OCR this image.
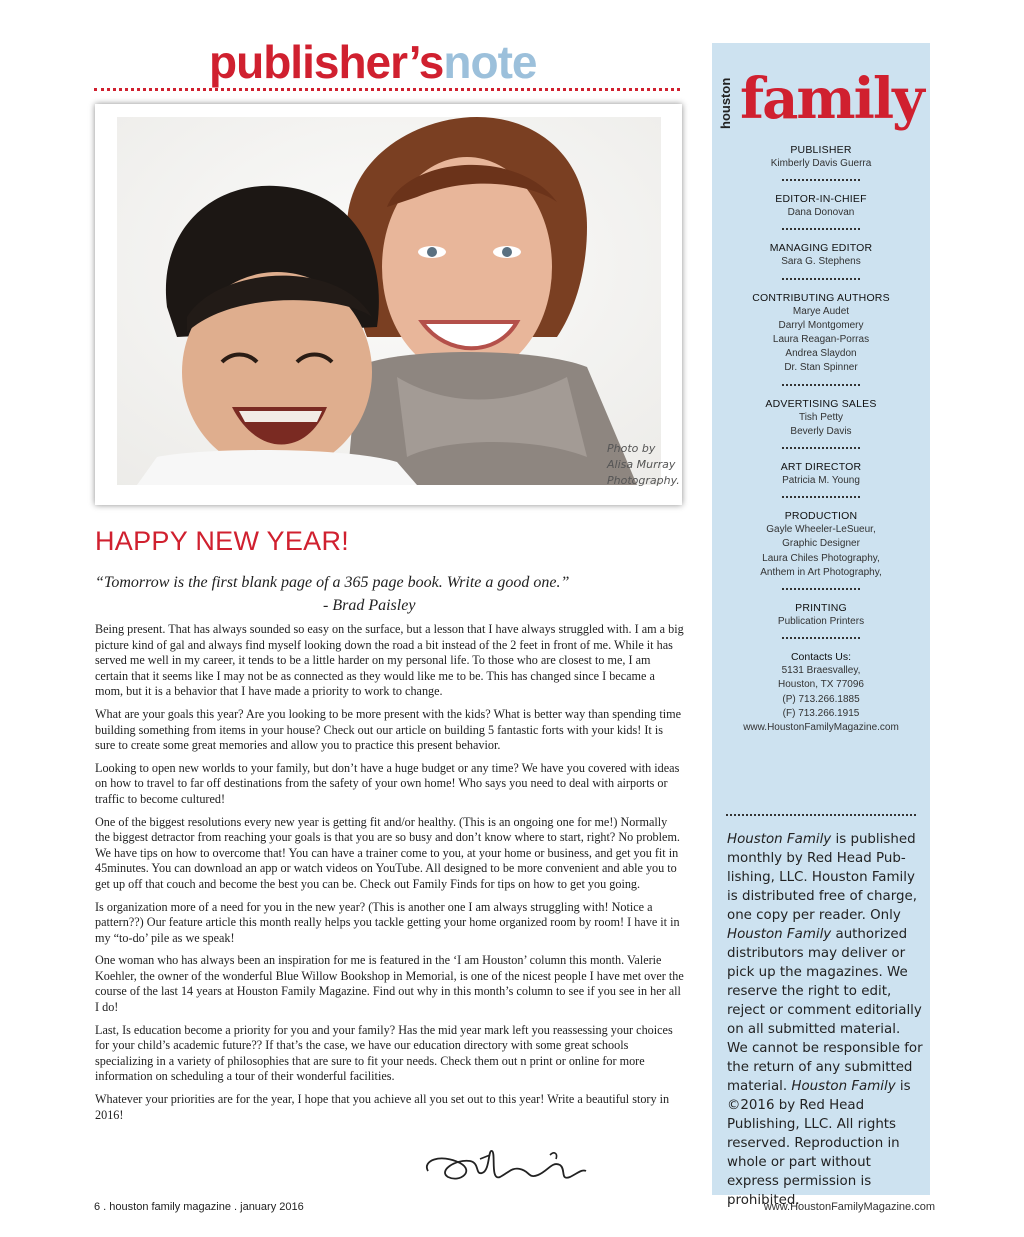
publisher’snote
Photo by
Alisa Murray
Photography.
HAPPY NEW YEAR!
“Tomorrow is the first blank page of a 365 page book. Write a good one.”
- Brad Paisley

Being present. That has always sounded so easy on the surface, but a lesson that I have always struggled with. I am a big picture kind of gal and always find myself looking down the road a bit instead of the 2 feet in front of me. While it has served me well in my career, it tends to be a little harder on my personal life. To those who are closest to me, I am certain that it seems like I may not be as connected as they would like me to be. This has changed since I became a mom, but it is a behavior that I have made a priority to work to change.

What are your goals this year? Are you looking to be more present with the kids? What is better way than spending time building something from items in your house? Check out our article on building 5 fantastic forts with your kids! It is sure to create some great memories and allow you to practice this present behavior.

Looking to open new worlds to your family, but don’t have a huge budget or any time? We have you covered with ideas on how to travel to far off destinations from the safety of your own home! Who says you need to deal with airports or traffic to become cultured!

One of the biggest resolutions every new year is getting fit and/or healthy. (This is an ongoing one for me!) Normally the biggest detractor from reaching your goals is that you are so busy and don’t know where to start, right? No problem. We have tips on how to overcome that! You can have a trainer come to you, at your home or business, and get you fit in 45minutes. You can download an app or watch videos on YouTube. All designed to be more convenient and able you to get up off that couch and become the best you can be. Check out Family Finds for tips on how to get you going.

Is organization more of a need for you in the new year? (This is another one I am always struggling with! Notice a pattern??) Our feature article this month really helps you tackle getting your home organized room by room! I have it in my “to-do’ pile as we speak!

One woman who has always been an inspiration for me is featured in the ‘I am Houston’ column this month. Valerie Koehler, the owner of the wonderful Blue Willow Bookshop in Memorial, is one of the nicest people I have met over the course of the last 14 years at Houston Family Magazine. Find out why in this month’s column to see if you see in her all I do!

Last, Is education become a priority for you and your family? Has the mid year mark left you reassessing your choices for your child’s academic future?? If that’s the case, we have our education directory with some great schools specializing in a variety of philosophies that are sure to fit your needs. Check them out n print or online for more information on scheduling a tour of their wonderful facilities.

Whatever your priorities are for the year, I hope that you achieve all you set out to this year! Write a beautiful story in 2016!

6 . houston family magazine . january 2016	www.HoustonFamilyMagazine.com
houston family
PUBLISHER
Kimberly Davis Guerra
EDITOR-IN-CHIEF
Dana Donovan
MANAGING EDITOR
Sara G. Stephens
CONTRIBUTING AUTHORS
Marye Audet
Darryl Montgomery
Laura Reagan-Porras
Andrea Slaydon
Dr. Stan Spinner
ADVERTISING SALES
Tish Petty
Beverly Davis
ART DIRECTOR
Patricia M. Young
PRODUCTION
Gayle Wheeler-LeSueur,
Graphic Designer
Laura Chiles Photography,
Anthem in Art Photography,
PRINTING
Publication Printers
Contacts Us:
5131 Braesvalley,
Houston, TX 77096
(P) 713.266.1885
(F) 713.266.1915
www.HoustonFamilyMagazine.com
Houston Family is published monthly by Red Head Pub-lishing, LLC. Houston Family is distributed free of charge, one copy per reader. Only Houston Family authorized distributors may deliver or pick up the magazines. We reserve the right to edit, reject or comment editorially on all submitted material. We cannot be responsible for the return of any submitted material. Houston Family is ©2016 by Red Head Publishing, LLC. All rights reserved. Reproduction in whole or part without express permission is prohibited.
